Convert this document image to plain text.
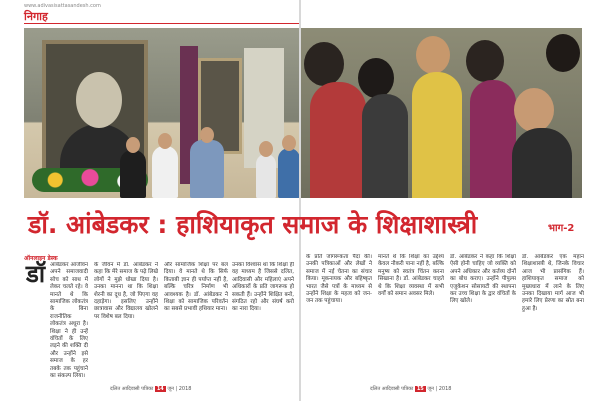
www.adivasisattasandesh.com
निगाह
डॉ
ऑनलाइन डेस्क
आंबेडकर आजीवन अपने समाजवादी सोच को साथ में लेकर चलते रहे। वे मानते थे कि सामाजिक लोकतंत्र के बिना राजनीतिक लोकतंत्र अधूरा है। शिक्षा ने ही उन्हें वंचितों के लिए लड़ने की शक्ति दी और उन्होंने इसे समाज के हर तबके तक पहुंचाने का संकल्प लिया।
के जीवन में डॉ. आंबेडकर ने कहा कि मेरे समाज के पढ़े लिखे लोगों ने मुझे धोखा दिया है। उनका मानना था कि शिक्षा शेरनी का दूध है, जो पिएगा वह दहाड़ेगा। इसलिए उन्होंने छात्रावास और विद्यालय खोलने पर विशेष बल दिया।
और सामाजिक शिक्षा पर बल दिया। वे मानते थे कि सिर्फ किताबी ज्ञान ही पर्याप्त नहीं है, बल्कि चरित्र निर्माण भी आवश्यक है। डॉ. आंबेडकर ने शिक्षा को सामाजिक परिवर्तन का सबसे प्रभावी हथियार माना।
उनका विश्वास था कि शिक्षा ही वह माध्यम है जिससे दलित, आदिवासी और महिलाएं अपने अधिकारों के प्रति जागरूक हो सकती हैं। उन्होंने शिक्षित बनो, संगठित रहो और संघर्ष करो का नारा दिया।
दलित आदिवासी पत्रिका 14 जून | 2018
के प्रति जागरूकता पैदा की। उनकी पत्रिकाओं और लेखों ने समाज में नई चेतना का संचार किया। मूकनायक और बहिष्कृत भारत जैसे पत्रों के माध्यम से उन्होंने शिक्षा के महत्व को जन-जन तक पहुंचाया।
मानते थे कि शिक्षा का उद्देश्य केवल नौकरी पाना नहीं है, बल्कि मनुष्य को स्वतंत्र चिंतन करना सिखाना है। डॉ. आंबेडकर चाहते थे कि शिक्षा व्यवस्था में सभी वर्गों को समान अवसर मिले।
डॉ. आंबेडकर ने कहा कि शिक्षा ऐसी होनी चाहिए जो व्यक्ति को अपने अधिकार और कर्तव्य दोनों का बोध कराए। उन्होंने पीपुल्स एजुकेशन सोसायटी की स्थापना कर उच्च शिक्षा के द्वार वंचितों के लिए खोले।
डॉ. आंबेडकर एक महान शिक्षाशास्त्री थे, जिनके विचार आज भी प्रासंगिक हैं। हाशियाकृत समाज को मुख्यधारा में लाने के लिए उनका दिखाया मार्ग आज भी हमारे लिए प्रेरणा का स्रोत बना हुआ है।
दलित आदिवासी पत्रिका 15 जून | 2018
डॉ. आंबेडकर : हाशियाकृत समाज के शिक्षाशास्त्री	भाग-2
